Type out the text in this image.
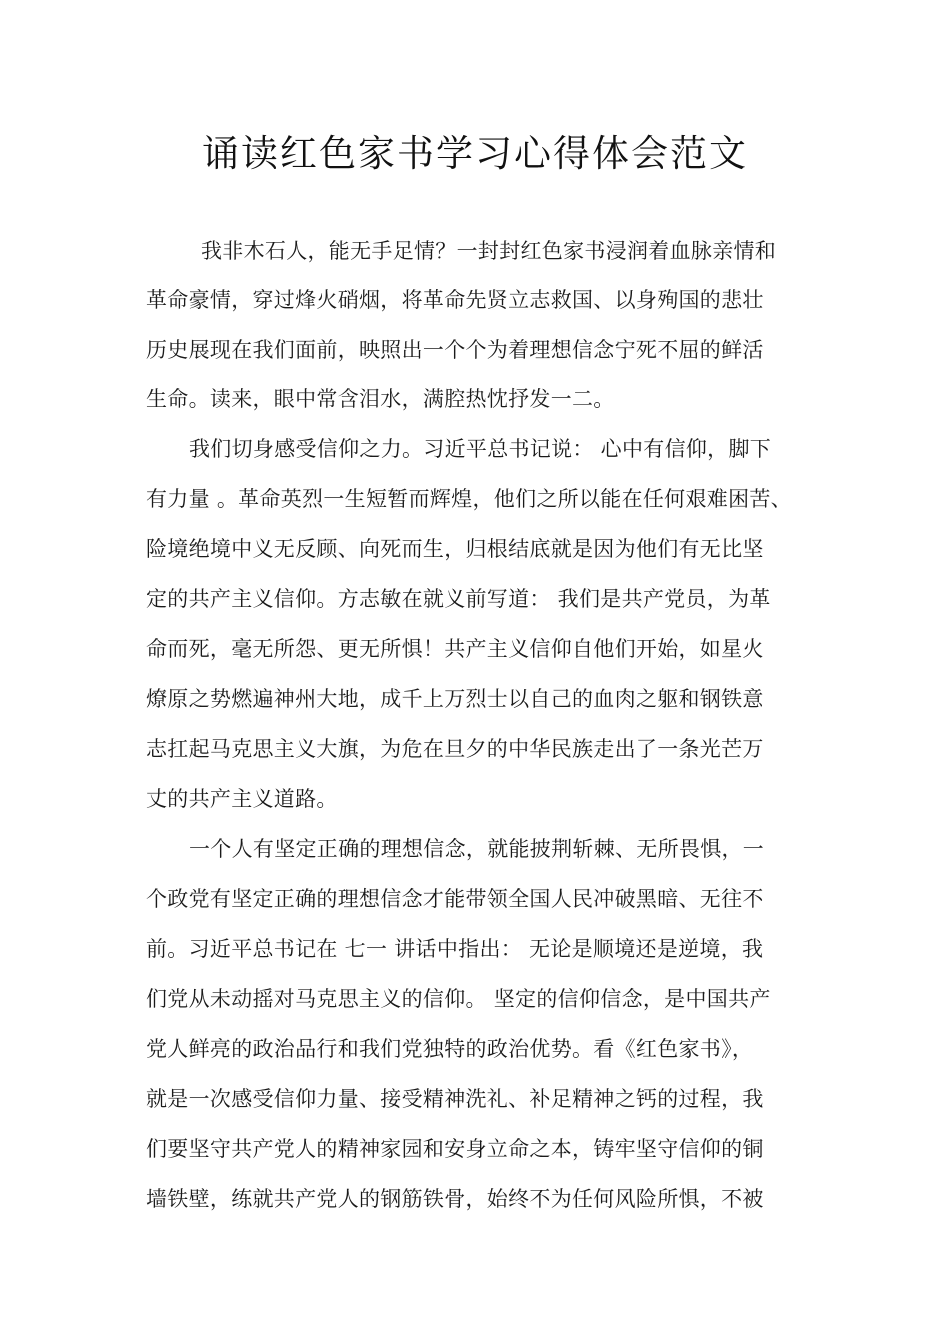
诵读红色家书学习心得体会范文
我非木石人，能无手足情？一封封红色家书浸润着血脉亲情和
革命豪情，穿过烽火硝烟，将革命先贤立志救国、以身殉国的悲壮
历史展现在我们面前，映照出一个个为着理想信念宁死不屈的鲜活
生命。读来，眼中常含泪水，满腔热忱抒发一二。
我们切身感受信仰之力。习近平总书记说： 心中有信仰，脚下
有力量 。革命英烈一生短暂而辉煌，他们之所以能在任何艰难困苦、
险境绝境中义无反顾、向死而生，归根结底就是因为他们有无比坚
定的共产主义信仰。方志敏在就义前写道： 我们是共产党员，为革
命而死，毫无所怨、更无所惧！共产主义信仰自他们开始，如星火
燎原之势燃遍神州大地，成千上万烈士以自己的血肉之躯和钢铁意
志扛起马克思主义大旗，为危在旦夕的中华民族走出了一条光芒万
丈的共产主义道路。
一个人有坚定正确的理想信念，就能披荆斩棘、无所畏惧，一
个政党有坚定正确的理想信念才能带领全国人民冲破黑暗、无往不
前。习近平总书记在 七一 讲话中指出： 无论是顺境还是逆境，我
们党从未动摇对马克思主义的信仰。 坚定的信仰信念，是中国共产
党人鲜亮的政治品行和我们党独特的政治优势。看《红色家书》，
就是一次感受信仰力量、接受精神洗礼、补足精神之钙的过程，我
们要坚守共产党人的精神家园和安身立命之本，铸牢坚守信仰的铜
墙铁壁，练就共产党人的钢筋铁骨，始终不为任何风险所惧，不被
